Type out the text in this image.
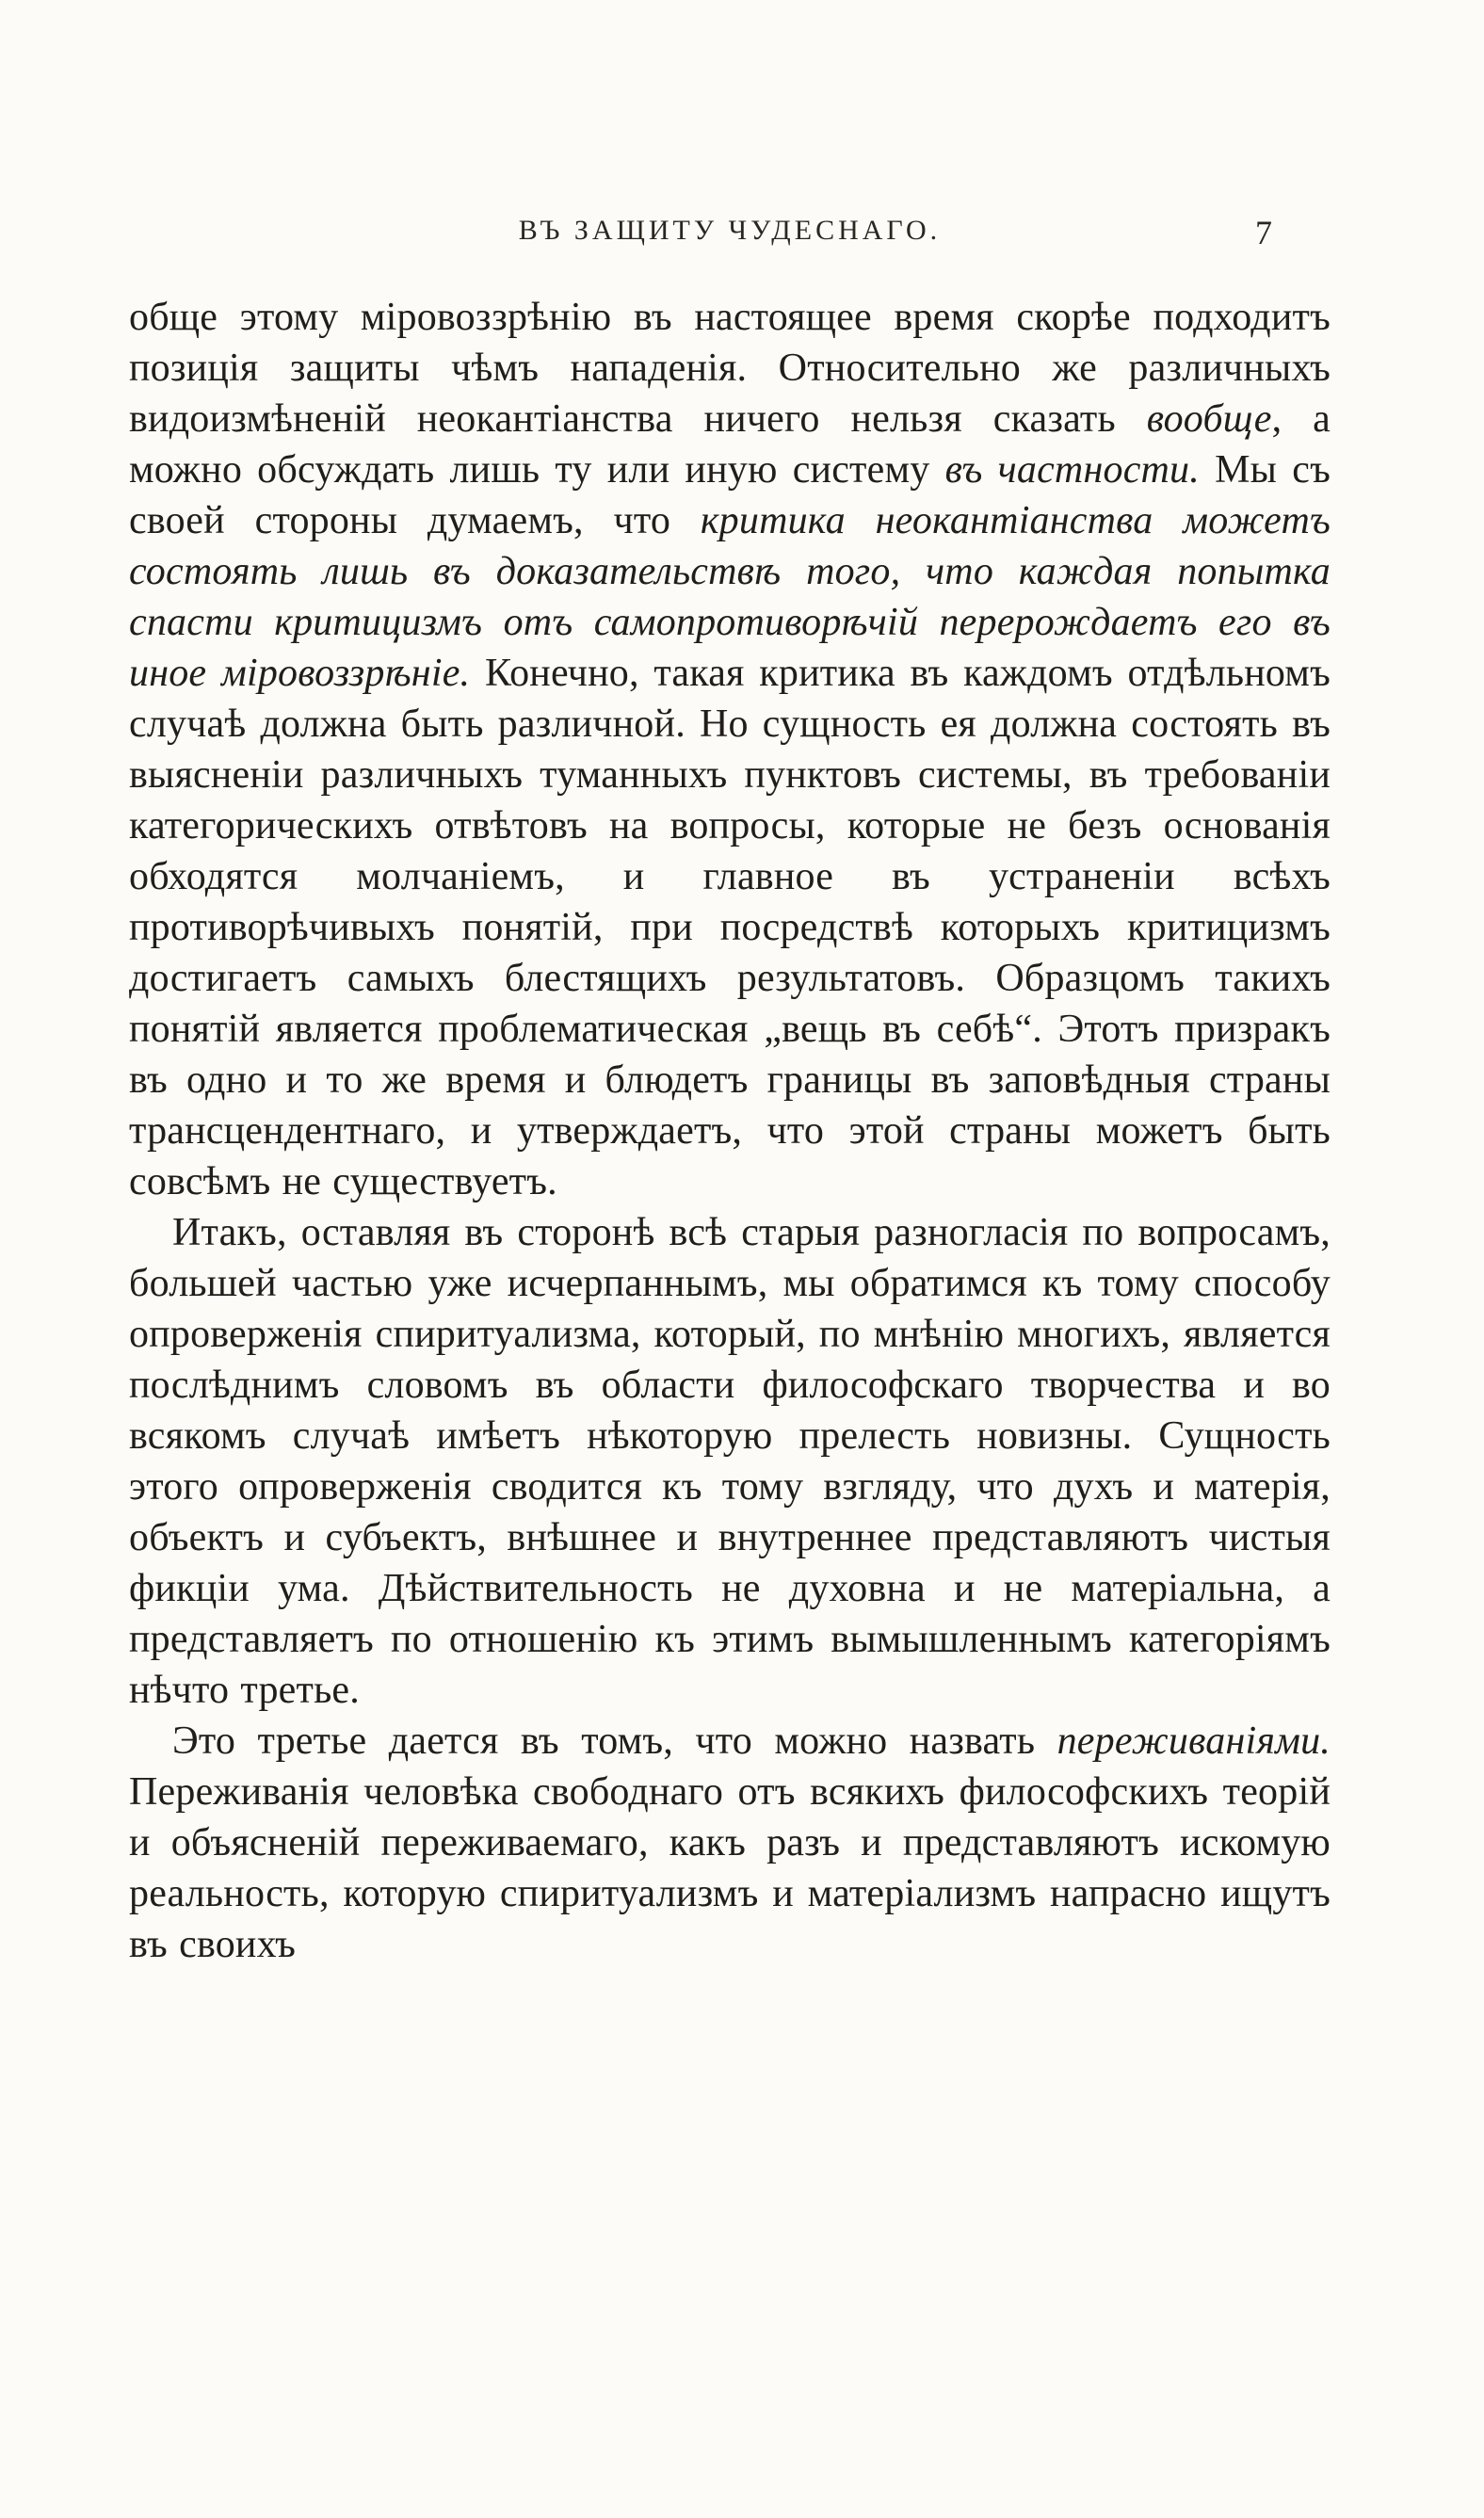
ВЪ ЗАЩИТУ ЧУДЕСНАГО.	7

обще этому міровоззрѣнію въ настоящее время скорѣе подходитъ позиція защиты чѣмъ нападенія. Относительно же различныхъ видоизмѣненій неокантіанства ничего нельзя сказать вообще, а можно обсуждать лишь ту или иную систему въ частности. Мы съ своей стороны думаемъ, что критика неокантіанства можетъ состоять лишь въ доказательствѣ того, что каждая попытка спасти критицизмъ отъ самопротиворѣчій перерождаетъ его въ иное міровоззрѣніе. Конечно, такая критика въ каждомъ отдѣльномъ случаѣ должна быть различной. Но сущность ея должна состоять въ выясненіи различныхъ туманныхъ пунктовъ системы, въ требованіи категорическихъ отвѣтовъ на вопросы, которые не безъ основанія обходятся молчаніемъ, и главное въ устраненіи всѣхъ противорѣчивыхъ понятій, при посредствѣ которыхъ критицизмъ достигаетъ самыхъ блестящихъ результатовъ. Образцомъ такихъ понятій является проблематическая „вещь въ себѣ“. Этотъ призракъ въ одно и то же время и блюдетъ границы въ заповѣдныя страны трансцендентнаго, и утверждаетъ, что этой страны можетъ быть совсѣмъ не существуетъ.

Итакъ, оставляя въ сторонѣ всѣ старыя разногласія по вопросамъ, большей частью уже исчерпаннымъ, мы обратимся къ тому способу опроверженія спиритуализма, который, по мнѣнію многихъ, является послѣднимъ словомъ въ области философскаго творчества и во всякомъ случаѣ имѣетъ нѣкоторую прелесть новизны. Сущность этого опроверженія сводится къ тому взгляду, что духъ и матерія, объектъ и субъектъ, внѣшнее и внутреннее представляютъ чистыя фикціи ума. Дѣйствительность не духовна и не матеріальна, а представляетъ по отношенію къ этимъ вымышленнымъ категоріямъ нѣчто третье.

Это третье дается въ томъ, что можно назвать переживаніями. Переживанія человѣка свободнаго отъ всякихъ философскихъ теорій и объясненій переживаемаго, какъ разъ и представляютъ искомую реальность, которую спиритуализмъ и матеріализмъ напрасно ищутъ въ своихъ
